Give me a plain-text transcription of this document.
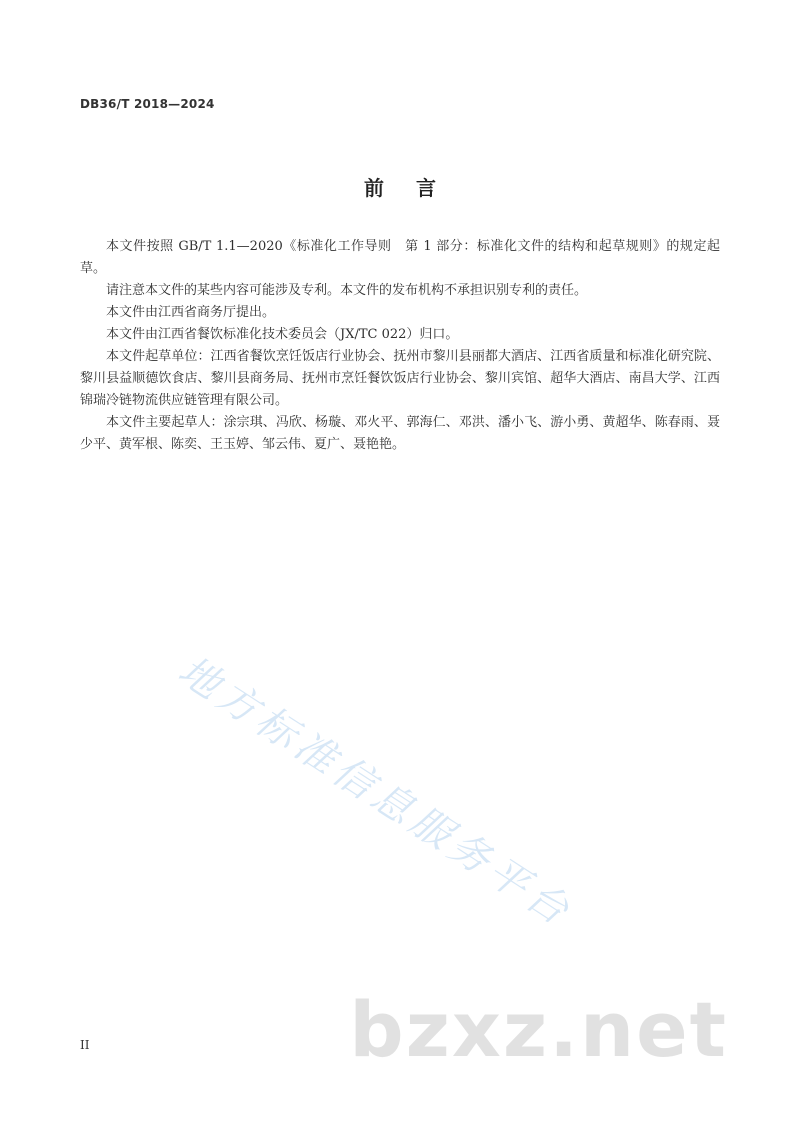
DB36/T 2018—2024
前 言

本文件按照 GB/T 1.1—2020《标准化工作导则　第 1 部分：标准化文件的结构和起草规则》的规定起草。

请注意本文件的某些内容可能涉及专利。本文件的发布机构不承担识别专利的责任。

本文件由江西省商务厅提出。

本文件由江西省餐饮标准化技术委员会（JX/TC 022）归口。

本文件起草单位：江西省餐饮烹饪饭店行业协会、抚州市黎川县丽都大酒店、江西省质量和标准化研究院、黎川县益顺德饮食店、黎川县商务局、抚州市烹饪餐饮饭店行业协会、黎川宾馆、超华大酒店、南昌大学、江西锦瑞冷链物流供应链管理有限公司。

本文件主要起草人：涂宗琪、冯欣、杨璇、邓火平、郭海仁、邓洪、潘小飞、游小勇、黄超华、陈春雨、聂少平、黄军根、陈奕、王玉婷、邹云伟、夏广、聂艳艳。

II
地方标准信息服务平台
bzxz.net
